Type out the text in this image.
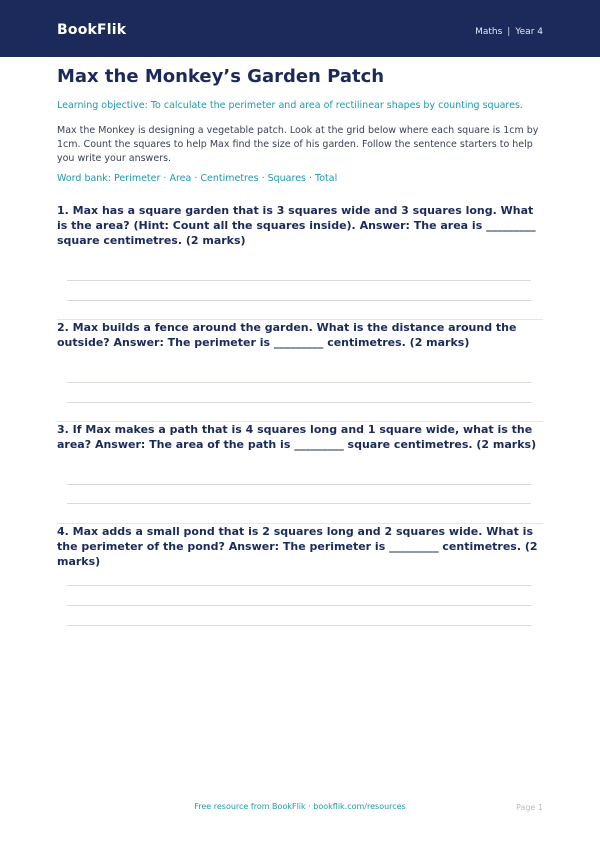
BookFlik	Maths | Year 4
Max the Monkey’s Garden Patch
Learning objective: To calculate the perimeter and area of rectilinear shapes by counting squares.
Max the Monkey is designing a vegetable patch. Look at the grid below where each square is 1cm by 1cm. Count the squares to help Max find the size of his garden. Follow the sentence starters to help you write your answers.
Word bank: Perimeter · Area · Centimetres · Squares · Total
1. Max has a square garden that is 3 squares wide and 3 squares long. What is the area? (Hint: Count all the squares inside). Answer: The area is _________ square centimetres. (2 marks)
2. Max builds a fence around the garden. What is the distance around the outside? Answer: The perimeter is _________ centimetres. (2 marks)
3. If Max makes a path that is 4 squares long and 1 square wide, what is the area? Answer: The area of the path is _________ square centimetres. (2 marks)
4. Max adds a small pond that is 2 squares long and 2 squares wide. What is the perimeter of the pond? Answer: The perimeter is _________ centimetres. (2 marks)
Free resource from BookFlik · bookflik.com/resources	Page 1
